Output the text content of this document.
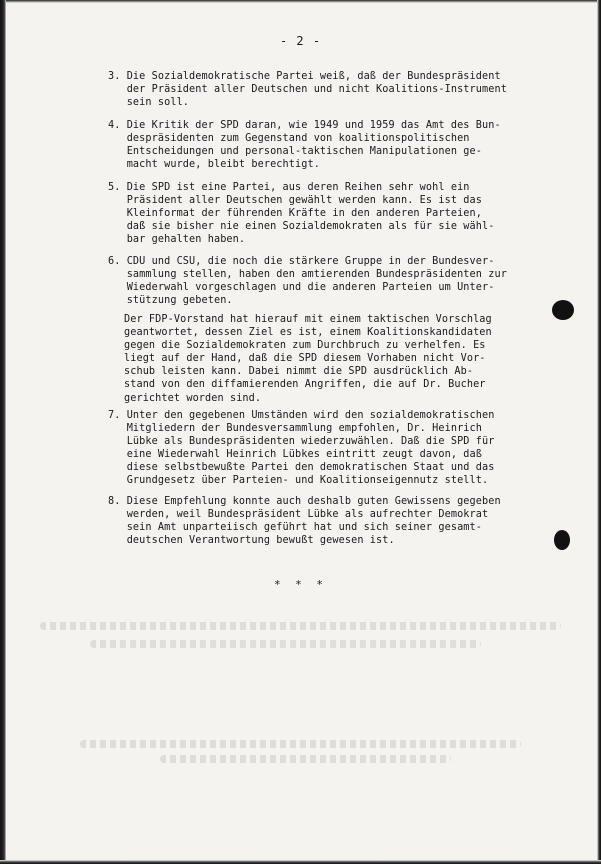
- 2 -
3. Die Sozialdemokratische Partei weiß, daß der Bundespräsident
der Präsident aller Deutschen und nicht Koalitions-Instrument
sein soll.
4. Die Kritik der SPD daran, wie 1949 und 1959 das Amt des Bun-
despräsidenten zum Gegenstand von koalitionspolitischen
Entscheidungen und personal-taktischen Manipulationen ge-
macht wurde, bleibt berechtigt.
5. Die SPD ist eine Partei, aus deren Reihen sehr wohl ein
Präsident aller Deutschen gewählt werden kann. Es ist das
Kleinformat der führenden Kräfte in den anderen Parteien,
daß sie bisher nie einen Sozialdemokraten als für sie wähl-
bar gehalten haben.
6. CDU und CSU, die noch die stärkere Gruppe in der Bundesver-
sammlung stellen, haben den amtierenden Bundespräsidenten zur
Wiederwahl vorgeschlagen und die anderen Parteien um Unter-
stützung gebeten.
Der FDP-Vorstand hat hierauf mit einem taktischen Vorschlag
geantwortet, dessen Ziel es ist, einem Koalitionskandidaten
gegen die Sozialdemokraten zum Durchbruch zu verhelfen. Es
liegt auf der Hand, daß die SPD diesem Vorhaben nicht Vor-
schub leisten kann. Dabei nimmt die SPD ausdrücklich Ab-
stand von den diffamierenden Angriffen, die auf Dr. Bucher
gerichtet worden sind.
7. Unter den gegebenen Umständen wird den sozialdemokratischen
Mitgliedern der Bundesversammlung empfohlen, Dr. Heinrich
Lübke als Bundespräsidenten wiederzuwählen. Daß die SPD für
eine Wiederwahl Heinrich Lübkes eintritt zeugt davon, daß
diese selbstbewußte Partei den demokratischen Staat und das
Grundgesetz über Parteien- und Koalitionseigennutz stellt.
8. Diese Empfehlung konnte auch deshalb guten Gewissens gegeben
werden, weil Bundespräsident Lübke als aufrechter Demokrat
sein Amt unparteiisch geführt hat und sich seiner gesamt-
deutschen Verantwortung bewußt gewesen ist.
* * *
